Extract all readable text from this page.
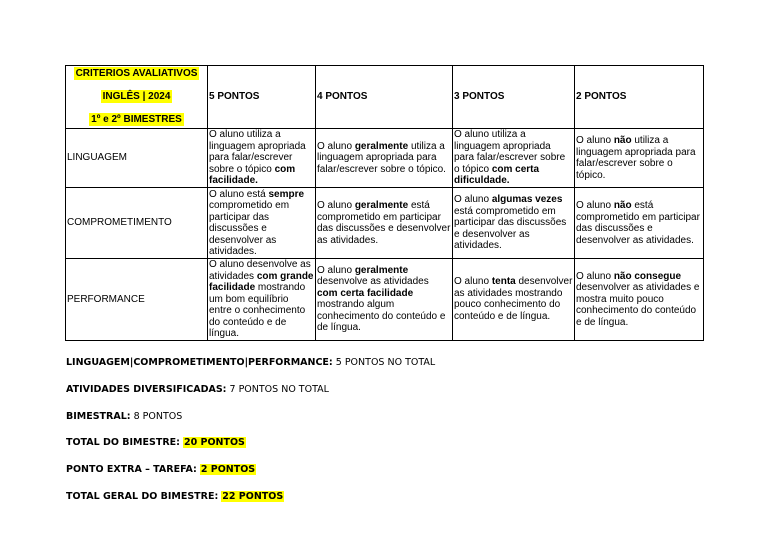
CRITERIOS AVALIATIVOS
INGLÊS | 2024
1º e 2º BIMESTRES	5 PONTOS	4 PONTOS	3 PONTOS	2 PONTOS
LINGUAGEM	O aluno utiliza a linguagem apropriada para falar/escrever sobre o tópico com facilidade.	O aluno geralmente utiliza a linguagem apropriada para falar/escrever sobre o tópico.	O aluno utiliza a linguagem apropriada para falar/escrever sobre o tópico com certa dificuldade.	O aluno não utiliza a linguagem apropriada para falar/escrever sobre o tópico.
COMPROMETIMENTO	O aluno está sempre comprometido em participar das discussões e desenvolver as atividades.	O aluno geralmente está comprometido em participar das discussões e desenvolver as atividades.	O aluno algumas vezes está comprometido em participar das discussões e desenvolver as atividades.	O aluno não está comprometido em participar das discussões e desenvolver as atividades.
PERFORMANCE	O aluno desenvolve as atividades com grande facilidade mostrando um bom equilíbrio entre o conhecimento do conteúdo e de língua.	O aluno geralmente desenvolve as atividades com certa facilidade mostrando algum conhecimento do conteúdo e de língua.	O aluno tenta desenvolver as atividades mostrando pouco conhecimento do conteúdo e de língua.	O aluno não consegue desenvolver as atividades e mostra muito pouco conhecimento do conteúdo e de língua.
LINGUAGEM|COMPROMETIMENTO|PERFORMANCE: 5 PONTOS NO TOTAL
ATIVIDADES DIVERSIFICADAS: 7 PONTOS NO TOTAL
BIMESTRAL: 8 PONTOS
TOTAL DO BIMESTRE: 20 PONTOS
PONTO EXTRA – TAREFA: 2 PONTOS
TOTAL GERAL DO BIMESTRE: 22 PONTOS
